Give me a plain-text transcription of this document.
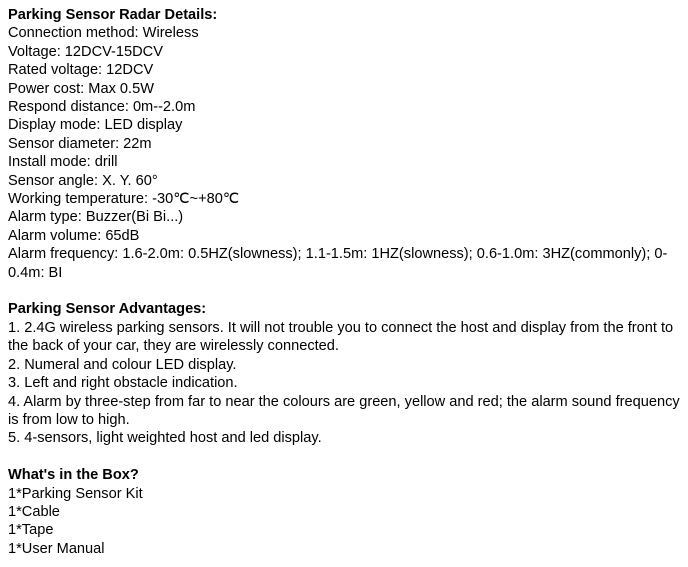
Parking Sensor Radar Details:
Connection method: Wireless
Voltage: 12DCV-15DCV
Rated voltage: 12DCV
Power cost: Max 0.5W
Respond distance: 0m--2.0m
Display mode: LED display
Sensor diameter: 22m
Install mode: drill
Sensor angle: X. Y. 60°
Working temperature: -30℃~+80℃
Alarm type: Buzzer(Bi Bi...)
Alarm volume: 65dB
Alarm frequency: 1.6-2.0m: 0.5HZ(slowness); 1.1-1.5m: 1HZ(slowness); 0.6-1.0m: 3HZ(commonly); 0-0.4m: BI
Parking Sensor Advantages:
1. 2.4G wireless parking sensors. It will not trouble you to connect the host and display from the front to the back of your car, they are wirelessly connected.
2. Numeral and colour LED display.
3. Left and right obstacle indication.
4. Alarm by three-step from far to near the colours are green, yellow and red; the alarm sound frequency is from low to high.
5. 4-sensors, light weighted host and led display.
What's in the Box?
1*Parking Sensor Kit
1*Cable
1*Tape
1*User Manual
